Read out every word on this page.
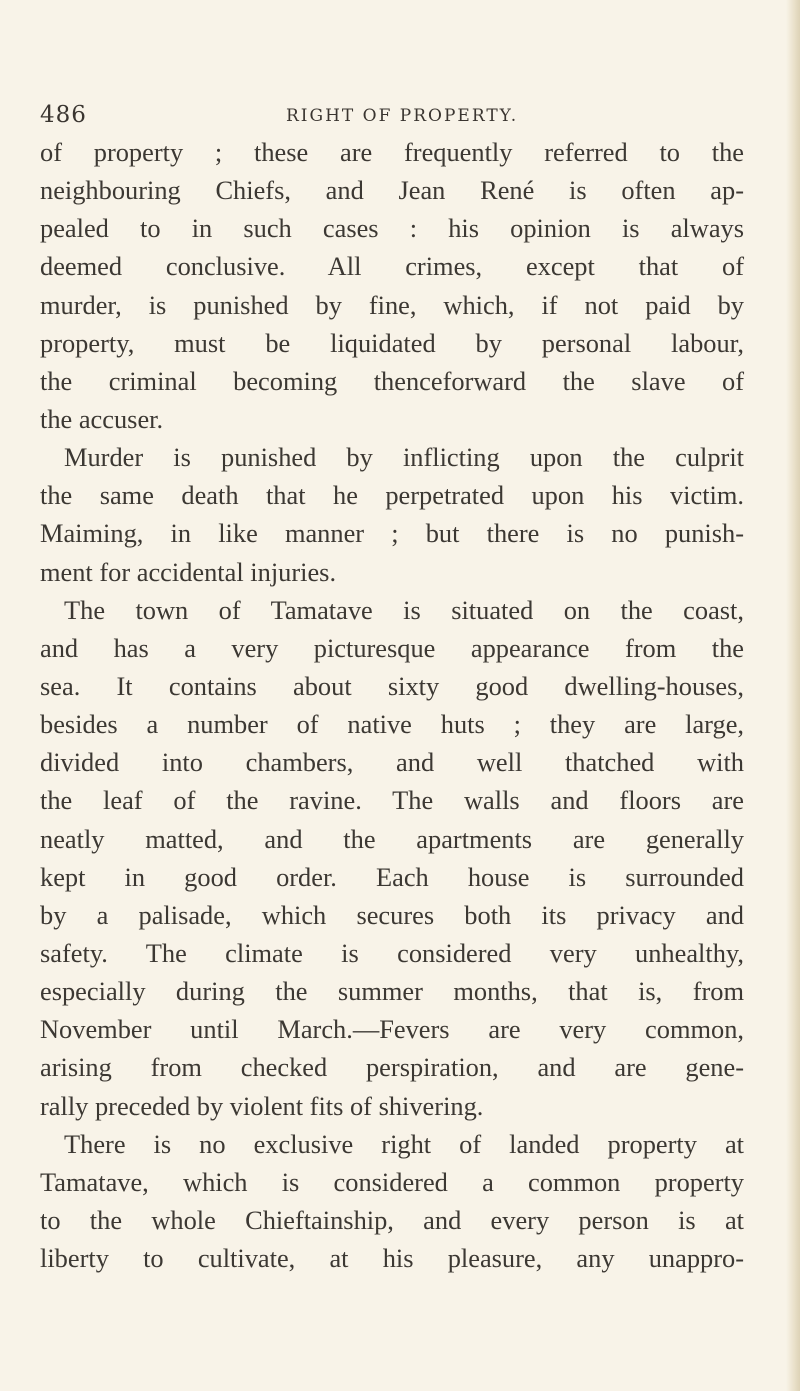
486	RIGHT OF PROPERTY.
of property ; these are frequently referred to the
neighbouring Chiefs, and Jean René is often ap-
pealed to in such cases : his opinion is always
deemed conclusive. All crimes, except that of
murder, is punished by fine, which, if not paid by
property, must be liquidated by personal labour,
the criminal becoming thenceforward the slave of
the accuser.
Murder is punished by inflicting upon the culprit
the same death that he perpetrated upon his victim.
Maiming, in like manner ; but there is no punish-
ment for accidental injuries.
The town of Tamatave is situated on the coast,
and has a very picturesque appearance from the
sea. It contains about sixty good dwelling-houses,
besides a number of native huts ; they are large,
divided into chambers, and well thatched with
the leaf of the ravine. The walls and floors are
neatly matted, and the apartments are generally
kept in good order. Each house is surrounded
by a palisade, which secures both its privacy and
safety. The climate is considered very unhealthy,
especially during the summer months, that is, from
November until March.—Fevers are very common,
arising from checked perspiration, and are gene-
rally preceded by violent fits of shivering.
There is no exclusive right of landed property at
Tamatave, which is considered a common property
to the whole Chieftainship, and every person is at
liberty to cultivate, at his pleasure, any unappro-
